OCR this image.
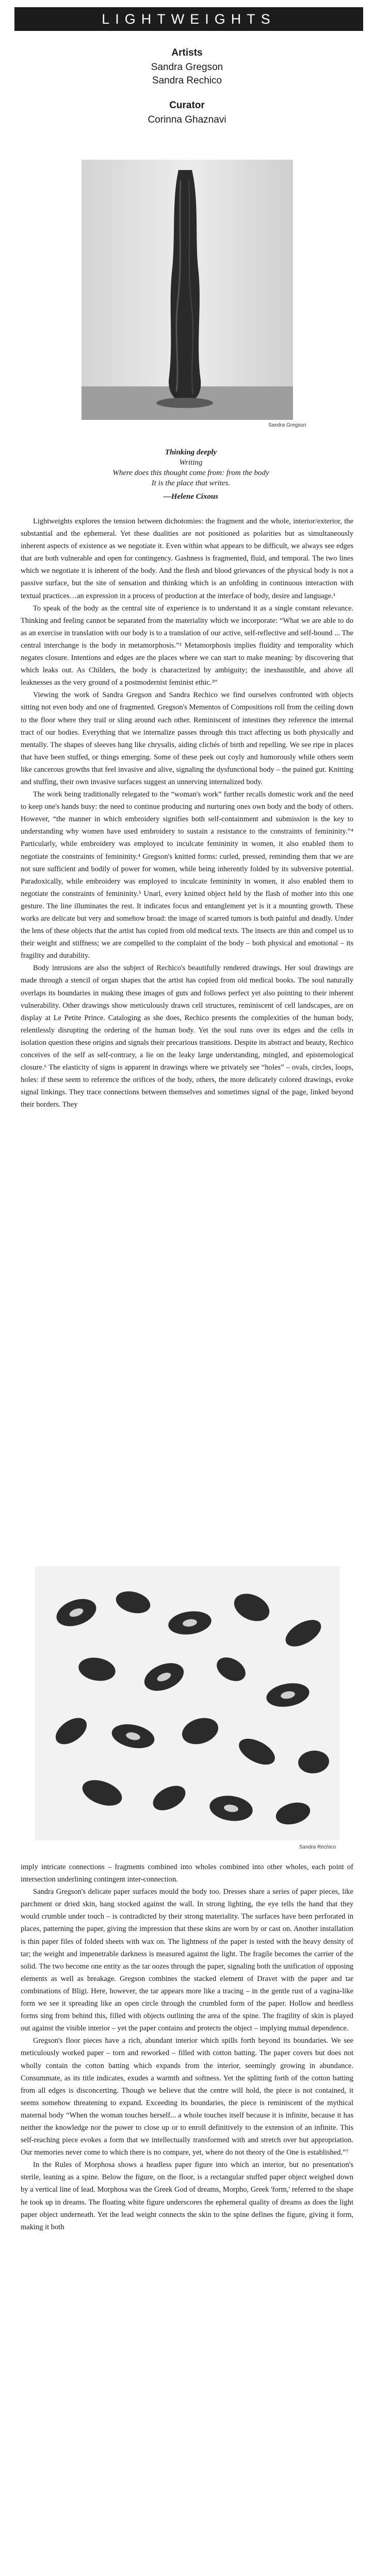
LIGHTWEIGHTS
Artists
Sandra Gregson
Sandra Rechico
Curator
Corinna Ghaznavi
Sandra Gregson
Thinking deeply
Writing
Where does this thought come from: from the body
It is the place that writes.
—Helene Cixous

Lightweights explores the tension between dichotomies: the fragment and the whole, interior/exterior, the substantial and the ephemeral. Yet these dualities are not positioned as polarities but as simultaneously inherent aspects of existence as we negotiate it. Even within what appears to be difficult, we always see edges that are both vulnerable and open for contingency. Gashness is fragmented, fluid, and temporal. The two lines which we negotiate it is inherent of the body. And the flesh and blood grievances of the physical body is not a passive surface, but the site of sensation and thinking which is an unfolding in continuous interaction with textual practices…an expression in a process of production at the interface of body, desire and language.¹

To speak of the body as the central site of experience is to understand it as a single constant relevance. Thinking and feeling cannot be separated from the materiality which we incorporate: “What we are able to do as an exercise in translation with our body is to a translation of our active, self-reflective and self-bound ... The central interchange is the body in metamorphosis.”² Metamorphosis implies fluidity and temporality which negates closure. Intentions and edges are the places where we can start to make meaning: by discovering that which leaks out. As Childers, the body is characterized by ambiguity; the inexhaustible, and above all leaknesses as the very ground of a postmodernist feminist ethic.³”

Viewing the work of Sandra Gregson and Sandra Rechico we find ourselves confronted with objects sitting not even body and one of fragmented. Gregson's Mementos of Compositions roll from the ceiling down to the floor where they trail or sling around each other. Reminiscent of intestines they reference the internal tract of our bodies. Everything that we internalize passes through this tract affecting us both physically and mentally. The shapes of sleeves hang like chrysalis, aiding clichés of birth and repelling. We see ripe in places that have been stuffed, or things emerging. Some of these peek out coyly and humorously while others seem like cancerous growths that feel invasive and alive, signaling the dysfunctional body – the pained gut. Knitting and stuffing, their own invasive surfaces suggest an unnerving internalized body.

The work being traditionally relegated to the “woman's work” further recalls domestic work and the need to keep one's hands busy: the need to continue producing and nurturing ones own body and the body of others. However, “the manner in which embroidery signifies both self-containment and submission is the key to understanding why women have used embroidery to sustain a resistance to the constraints of femininity.”⁴ Particularly, while embroidery was employed to inculcate femininity in women, it also enabled them to negotiate the constraints of femininity.⁴ Gregson's knitted forms: curled, pressed, reminding them that we are not sure sufficient and bodily of power for women, while being inherently folded by its subversive potential. Paradoxically, while embroidery was employed to inculcate femininity in women, it also enabled them to negotiate the constraints of femininity.⁵ Unarl, every knitted object held by the flash of mother into this one gesture. The line illuminates the rest. It indicates focus and entanglement yet is it a mounting growth. These works are delicate but very and somehow broad: the image of scarred tumors is both painful and deadly. Under the lens of these objects that the artist has copied from old medical texts. The insects are thin and compel us to their weight and stiffness; we are compelled to the complaint of the body – both physical and emotional – its fragility and durability.

Body intrusions are also the subject of Rechico's beautifully rendered drawings. Her soul drawings are made through a stencil of organ shapes that the artist has copied from old medical books. The soul naturally overlaps its boundaries in making these images of guts and follows perfect yet also pointing to their inherent vulnerability. Other drawings show meticulously drawn cell structures, reminiscent of cell landscapes, are on display at Le Petite Prince. Cataloging as she does, Rechico presents the complexities of the human body, relentlessly disrupting the ordering of the human body. Yet the soul runs over its edges and the cells in isolation question these origins and signals their precarious transitions. Despite its abstract and beauty, Rechico conceives of the self as self-contrary, a lie on the leaky large understanding, mingled, and epistemological closure.⁶ The elasticity of signs is apparent in drawings where we privately see “holes” – ovals, circles, loops, holes: if these seem to reference the orifices of the body, others, the more delicately colored drawings, evoke signal linkings. They trace connections between themselves and sometimes signal of the page, linked beyond their borders. They

Sandra Rechico

imply intricate connections – fragments combined into wholes combined into other wholes, each point of intersection underlining contingent inter-connection.

Sandra Gregson's delicate paper surfaces mould the body too. Dresses share a series of paper pieces, like parchment or dried skin, hang stocked against the wall. In strong lighting, the eye tells the hand that they would crumble under touch – is contradicted by their strong materiality. The surfaces have been perforated in places, patterning the paper, giving the impression that these skins are worn by or cast on. Another installation is thin paper files of folded sheets with wax on. The lightness of the paper is tested with the heavy density of tar; the weight and impenetrable darkness is measured against the light. The fragile becomes the carrier of the solid. The two become one entity as the tar oozes through the paper, signaling both the unification of opposing elements as well as breakage. Gregson combines the stacked element of Dravet with the paper and tar combinations of Bligi. Here, however, the tar appears more like a tracing – in the gentle rust of a vagina-like form we see it spreading like an open circle through the crumbled form of the paper. Hollow and heedless forms sing from behind this, filled with objects outlining the area of the spine. The fragility of skin is played out against the visible interior – yet the paper contains and protects the object – implying mutual dependence.

Gregson's floor pieces have a rich, abundant interior which spills forth beyond its boundaries. We see meticulously worked paper – torn and reworked – filled with cotton batting. The paper covers but does not wholly contain the cotton batting which expands from the interior, seemingly growing in abundance. Consummate, as its title indicates, exudes a warmth and softness. Yet the splitting forth of the cotton batting from all edges is disconcerting. Though we believe that the centre will hold, the piece is not contained, it seems somehow threatening to expand. Exceeding its boundaries, the piece is reminiscent of the mythical maternal body “When the woman touches herself... a whole touches itself because it is infinite, because it has neither the knowledge nor the power to close up or to enroll definitively to the extension of an infinite. This self-reaching piece evokes a form that we intellectually transformed with and stretch over but appropriation. Our memories never come to which there is no compare, yet, where do not theory of the One is established.”⁷

In the Rules of Morphosa shows a headless paper figure into which an interior, but no presentation's sterile, leaning as a spine. Below the figure, on the floor, is a rectangular stuffed paper object weighed down by a vertical line of lead. Morphosa was the Greek God of dreams, Morpho, Greek 'form,' referred to the shape he took up in dreams. The floating white figure underscores the ephemeral quality of dreams as does the light paper object underneath. Yet the lead weight connects the skin to the spine defines the figure, giving it form, making it both
